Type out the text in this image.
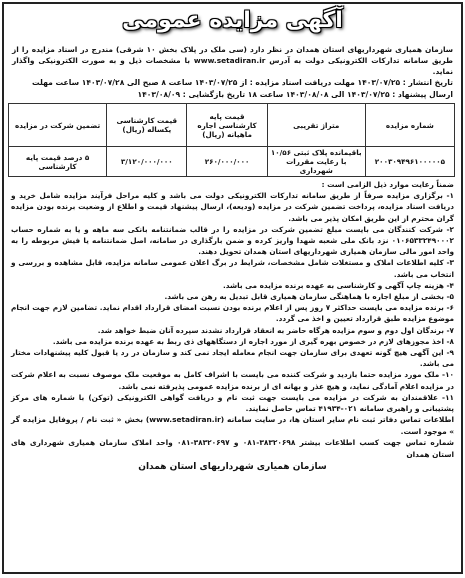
آگهی مزایده عمومی
سازمان همیاری شهرداریهای استان همدان در نظر دارد (سی ملک در پلاک بخش ۱۰ شرقی) مندرج در اسناد مزایده را از طریق سامانه تدارکات الکترونیکی دولت به آدرس www.setadiran.ir با مشخصات ذیل و به صورت الکترونیکی واگذار نماید.
تاریخ انتشار : ۱۴۰۳/۰۷/۲۵ مهلت دریافت اسناد مزایده : از ۱۴۰۳/۰۷/۲۵ ساعت ۸ صبح الی ۱۴۰۳/۰۷/۲۸ ساعت مهلت
ارسال پیشنهاد : ۱۴۰۳/۰۷/۲۵ الی ۱۴۰۳/۰۸/۰۸ ساعت ۱۸ تاریخ بازگشایی : ۱۴۰۳/۰۸/۰۹
شماره مزایده	متراژ تقریبی	قیمت پایه کارشناسی اجاره ماهیانه (ریال)	قیمت کارشناسی یکساله (ریال)	تضمین شرکت در مزایده
۲۰۰۳۰۹۴۹۶۱۰۰۰۰۰۵	باقیمانده پلاک ثبتی ۱۰/۵۶ با رعایت مقررات شهرداری	۲۶۰/۰۰۰/۰۰۰	۳/۱۲۰/۰۰۰/۰۰۰	۵ درصد قیمت پایه کارشناسی

ضمناً رعایت موارد ذیل الزامی است :

۱- برگزاری مزایده صرفاً از طریق سامانه تدارکات الکترونیکی دولت می باشد و کلیه مراحل فرآیند مزایده شامل خرید و دریافت اسناد مزایده، پرداخت تضمین شرکت در مزایده (ودیعه)، ارسال پیشنهاد قیمت و اطلاع از وضعیت برنده بودن مزایده گران محترم از این طریق امکان پذیر می باشد.

۲- شرکت کنندگان می بایست مبلغ تضمین شرکت در مزایده را در قالب ضمانتنامه بانکی سه ماهه و یا به شماره حساب ۰۱۰۶۵۳۳۲۴۹۰۰۰۲ نزد بانک ملی شعبه شهدا واریز کرده و ضمن بارگذاری در سامانه، اصل ضمانتنامه یا فیش مربوطه را به واحد امور مالی سازمان همیاری شهرداریهای استان همدان تحویل دهند.

۳- کلیه اطلاعات املاک و مستغلات شامل مشخصات، شرایط در برگ اعلان عمومی سامانه مزایده، قابل مشاهده و بررسی و انتخاب می باشد.

۴- هزینه چاپ آگهی و کارشناسی به عهده برنده مزایده می باشد.

۵- بخشی از مبلغ اجاره با هماهنگی سازمان همیاری قابل تبدیل به رهن می باشد.

۶- برنده مزایده می بایست حداکثر ۷ روز پس از اعلام برنده بودن نسبت امضای قرارداد اقدام نماید. تضامین لازم جهت انجام موضوع مزایده طبق قرارداد تعیین و اخذ می گردد.

۷- برندگان اول دوم و سوم مزایده هرگاه حاضر به انعقاد قرارداد نشدند سپرده آنان ضبط خواهد شد.

۸- اخذ مجوزهای لازم در خصوص بهره گیری از مورد اجاره از دستگاههای ذی ربط به عهده برنده مزایده می باشد.

۹- این آگهی هیچ گونه تعهدی برای سازمان جهت انجام معامله ایجاد نمی کند و سازمان در رد یا قبول کلیه پیشنهادات مختار می باشد.

۱۰- ملک مورد مزایده حتما بازدید و شرکت کننده می بایست با اشراف کامل به موقعیت ملک موصوف نسبت به اعلام شرکت در مزایده اعلام آمادگی نماید، و هیچ عذر و بهانه ای از برنده مزایده عمومی پذیرفته نمی باشد.

۱۱- علاقمندان به شرکت در مزایده می بایست جهت ثبت نام و دریافت گواهی الکترونیکی (توکن) با شماره های مرکز پشتیبانی و راهبری سامانه ۰۲۱-۴۱۹۳۴ تماس حاصل نمایند.

اطلاعات تماس دفاتر ثبت نام سایر استان ها، در سایت سامانه (www.setadiran.ir) بخش « ثبت نام / پروفایل مزایده گر » موجود است.
شماره تماس جهت کسب اطلاعات بیشتر ۳۸۳۲۰۶۹۸-۰۸۱ و ۳۸۳۲۰۶۹۷-۰۸۱ واحد املاک سازمان همیاری شهرداری های استان همدان
سازمان همیاری شهرداریهای استان همدان
